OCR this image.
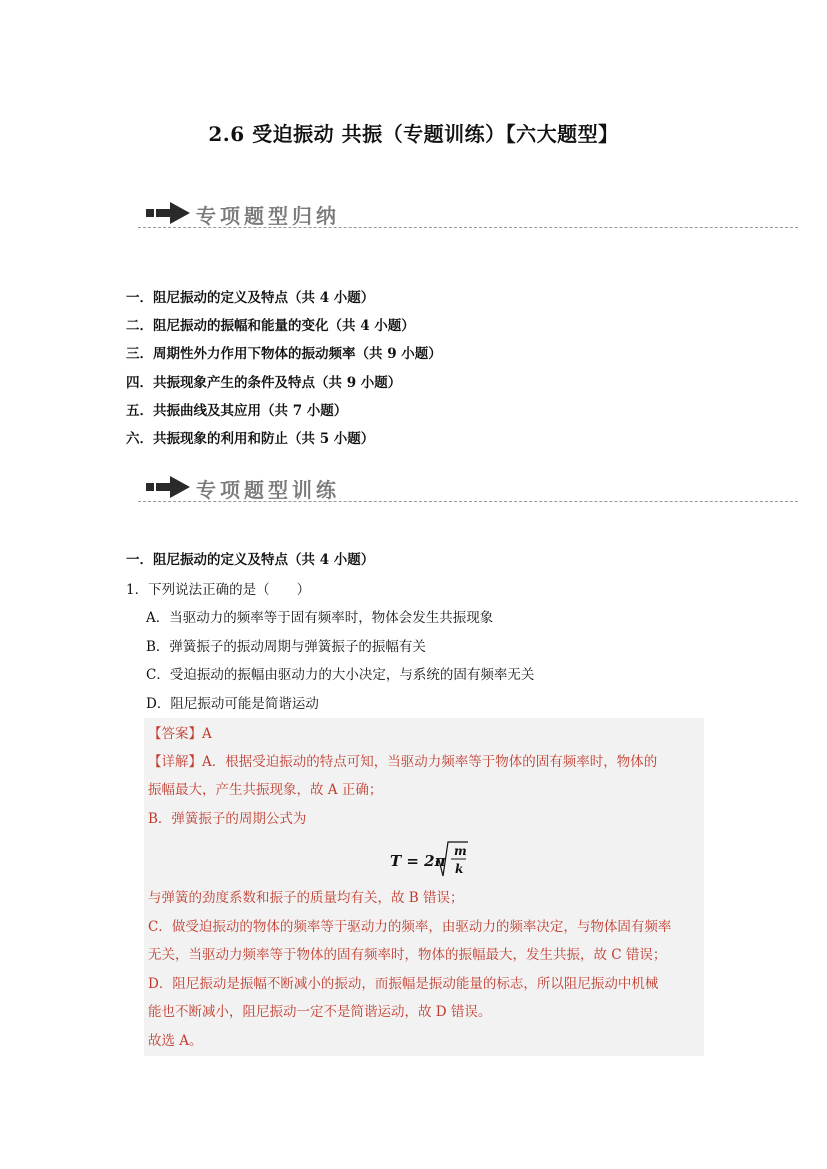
2.6 受迫振动 共振（专题训练）【六大题型】
专项题型归纳
一．阻尼振动的定义及特点（共 4 小题）
二．阻尼振动的振幅和能量的变化（共 4 小题）
三．周期性外力作用下物体的振动频率（共 9 小题）
四．共振现象产生的条件及特点（共 9 小题）
五．共振曲线及其应用（共 7 小题）
六．共振现象的利用和防止（共 5 小题）
专项题型训练
一．阻尼振动的定义及特点（共 4 小题）
1．下列说法正确的是（　　）
A．当驱动力的频率等于固有频率时，物体会发生共振现象
B．弹簧振子的振动周期与弹簧振子的振幅有关
C．受迫振动的振幅由驱动力的大小决定，与系统的固有频率无关
D．阻尼振动可能是简谐运动
【答案】A
【详解】A．根据受迫振动的特点可知，当驱动力频率等于物体的固有频率时，物体的
振幅最大，产生共振现象，故 A 正确；
B．弹簧振子的周期公式为
T = 2π
m
k
与弹簧的劲度系数和振子的质量均有关，故 B 错误；
C．做受迫振动的物体的频率等于驱动力的频率，由驱动力的频率决定，与物体固有频率
无关，当驱动力频率等于物体的固有频率时，物体的振幅最大，发生共振，故 C 错误；
D．阻尼振动是振幅不断减小的振动，而振幅是振动能量的标志，所以阻尼振动中机械
能也不断减小，阻尼振动一定不是简谐运动，故 D 错误。
故选 A。
